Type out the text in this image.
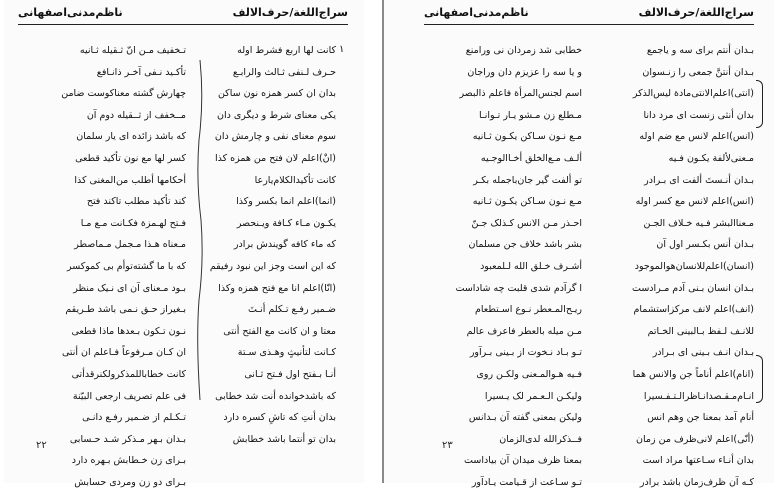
سراج‌اللغة/حرف‌الالف
ناظم‌مدنی‌اصفهانی
۱
کانت لها اربع فشرط اوله
حـرف لـنفی ثـالث والرابـع
بدان ان کسر همزه نون ساکن
یکی معنای شرط و دیگری دان
سوم معنای نفی و چارمش دان
(انْ)اعلم لان فتح من همزه کذا
کانت تأکیدالکلام‌یارعا
(انما)اعلم انما بکسر وکذا
یکـون مـاء کـافة ویـنحصر
که ماء کافه گویندش برادر
که این است وجز این نبود رفیقم
(انّا)اعلم انا مع فتح همزه وکذا
ضـمیر رفـع تـکلم أنـتَ
معتا و ان کانت مع الفتح أنتی
کـانت لتأنیثٍ وهـذی سـتة
أنـا بـفتح اول فـتح ثـانی
که باشدخوانده أنت شد خطابی
بدان أنتِ که تاشِ کسره دارد
بدان تو أنتما باشد خطابش
تـخفیف مـن انّ ثـقیله ثـانیه
تأکـید نـفی آخـر ذانـافع
چهارش گشته معناکوست ضامن
مــخفف از ثــقیله دوم آن
که باشد زائده ای یار سلمان
کسر لها مع نون تأکید قطعی
أحکامها أطلب من‌المغنی کذا
کند تأکید مطلب تاکند فتح
فـتح لهـمزة فکـانت مـع مـا
مـعناه هـذا مـجمل مـماصطر
که با ما گشته‌توأم بی کموکسر
بـود مـعنای آن ای نـیک منظر
بـغیراز حـق نـمی باشد طـریقم
نـون تـکون بـعدها ماذا قطعی
ان کـان مـرفوعاً فـاعلم ان أنتی
کانت خطابا‌للمذکرولکنرقدأتی
فی علم تصریف ارجعی البیّنة
تـکـلم از ضـمیر رفـع دانـی
بـدان بـهر مـذکر شـد حـسابی
بـرای زن خـطابش بـهره دارد
بـرای دو زن ومردی حسابش
۲۲
سراج‌اللغة/حرف‌الالف
ناظم‌مدنی‌اصفهانی
بـدان أنتم برای سه و یاجمع
بـدان أنتنَّ جمعی را زنـسوان
(انتی)اعلم‌الانتی‌مادة لیس‌الذکر
بدان أنثی زنست ای مرد دانا
(انس)اعلم لانس مع ضم اوله
مـعنی‌لألفة یکـون فـیه
بـدان أنـستَ ألفت ای بـرادر
(انس)اعلم لانس مع کسر اوله
مـعناالبشر فـیه خـلاف الجـن
بـدان أنس بکـسر اول آن
(انسان)اعلم‌للانسان‌هوالموجود
بـدان انسان بـنی آدم مـرادست
(انف)اعلم لانف مرکزاستشمام
للانـف لـفظ بـالبینی الخـاتم
بـدان انـف بـینی ای بـرادر
(انام)اعلم أناماً جن والانس هما
انـام‌مـقـصدانـاظرالـتـفـسیرا
أنام آمد بمعنا جن وهم انس
(أنّی)اعلم لانی‌ظرف من زمان
بدان أنـاء سـاعتها مراد است
کـه آن ظرف‌زمان باشد برادر
خطابی شد زمردان نی ورامنع
و یا سه را عزیزم دان وراجان
اسم لجنس‌المرأة فاعلم ذالبصر
مـطلع زن مـشو یـار تـوانـا
مـع نـون سـاکن یکـون ثـانیه
ألـف مـع‌الخلق أخـاالوجـیه
تو ألفت گیر جان‌باجمله بکـر
مـع نـون سـاکن یکـون ثـانیه
احـذر مـن الانس کـذلک جـنّ
بشر باشد خلاف جن مسلمان
أشـرف خـلق الله لـلمعبود
ا گرآدم شدی قلبت چه شاداست
ریـح‌المـعطر نـوع اسـتطعام
مـن میله بالعطر فاعرف عالم
تـو بـاد نـخوت از بـینی بـرآور
فـیه هـوالمـعنی ولکـن روی
ولیکـن الـعـمر لک یـسیرا
ولیکن بمعنی گفته آن بـدانس
فــذکرالله لدی‌الزمان
بمعنا ظرف میدان آن بیاداست
تـو سـاعت از قـیامت یـادآور
۲۳
